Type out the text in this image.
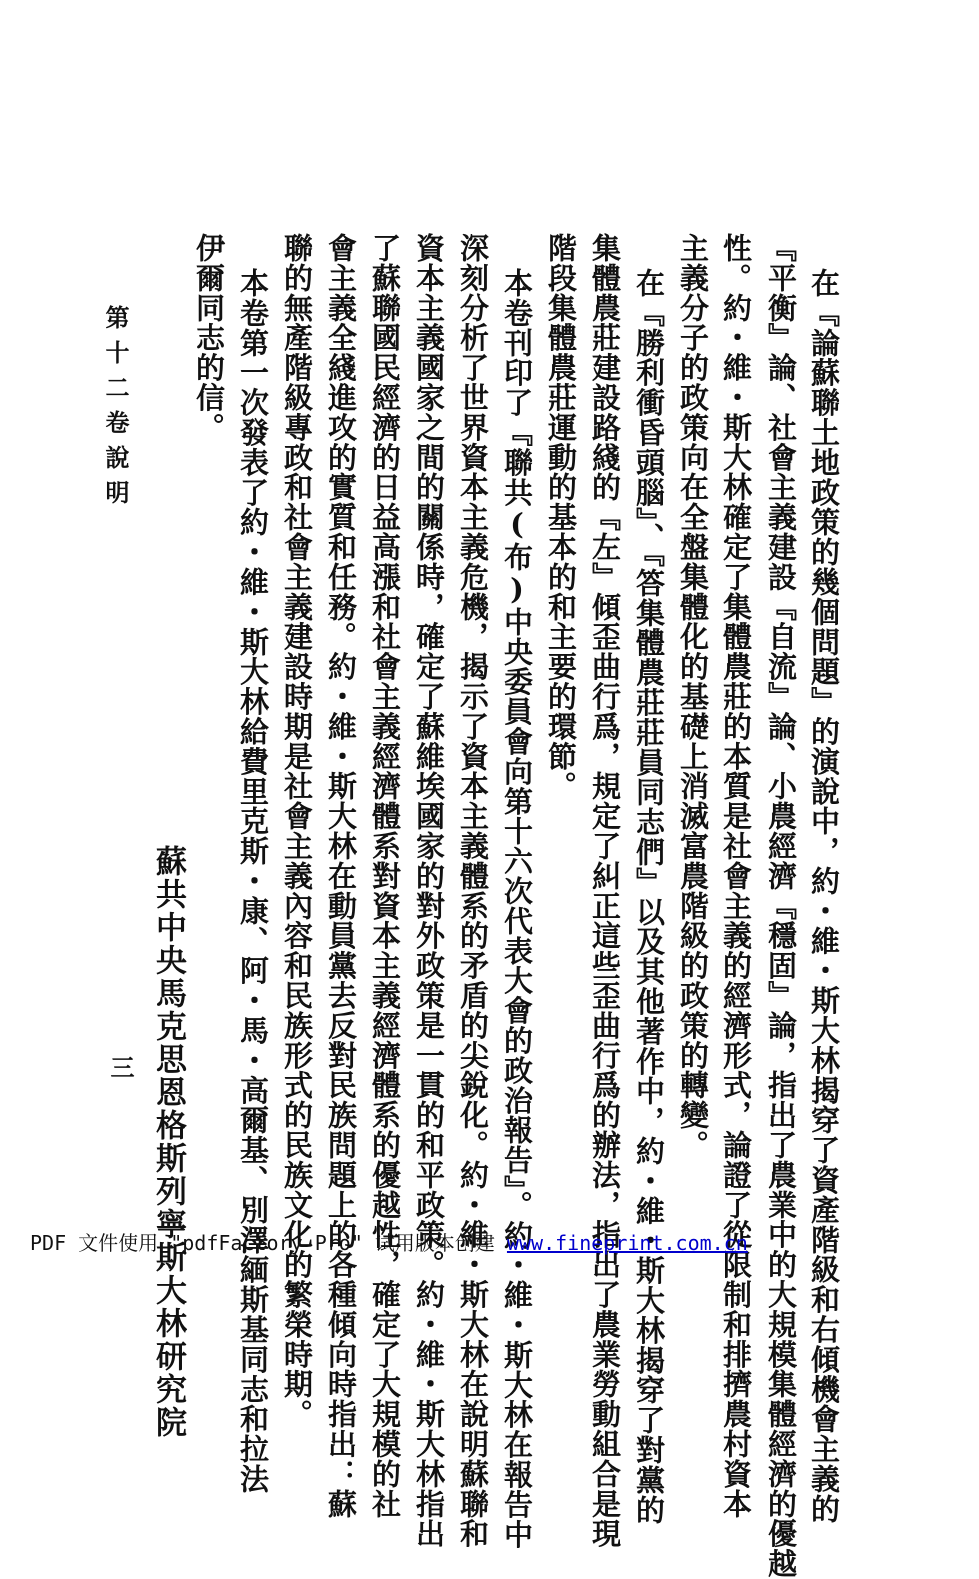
在『論蘇聯土地政策的幾個問題』的演說中，約・維・斯大林揭穿了資產階級和右傾機會主義的
『平衡』論、社會主義建設『自流』論、小農經濟『穩固』論，指出了農業中的大規模集體經濟的優越
性。約・維・斯大林確定了集體農莊的本質是社會主義的經濟形式，論證了從限制和排擠農村資本
主義分子的政策向在全盤集體化的基礎上消滅富農階級的政策的轉變。
在『勝利衝昏頭腦』、『答集體農莊莊員同志們』以及其他著作中，約・維・斯大林揭穿了對黨的
集體農莊建設路綫的『左』傾歪曲行爲，規定了糾正這些歪曲行爲的辦法，指出了農業勞動組合是現
階段集體農莊運動的基本的和主要的環節。
本卷刊印了『聯共(布)中央委員會向第十六次代表大會的政治報告』。約・維・斯大林在報告中
深刻分析了世界資本主義危機，揭示了資本主義體系的矛盾的尖銳化。約・維・斯大林在說明蘇聯和
資本主義國家之間的關係時，確定了蘇維埃國家的對外政策是一貫的和平政策。約・維・斯大林指出
了蘇聯國民經濟的日益高漲和社會主義經濟體系對資本主義經濟體系的優越性，確定了大規模的社
會主義全綫進攻的實質和任務。約・維・斯大林在動員黨去反對民族問題上的各種傾向時指出：蘇
聯的無產階級專政和社會主義建設時期是社會主義內容和民族形式的民族文化的繁榮時期。
本卷第一次發表了約・維・斯大林給費里克斯・康、阿・馬・高爾基、別澤緬斯基同志和拉法
伊爾同志的信。
蘇共中央馬克思恩格斯列寧斯大林研究院
三
第十二卷說明
PDF 文件使用 "pdfFactory Pro" 试用版本创建 www.fineprint.com.cn
